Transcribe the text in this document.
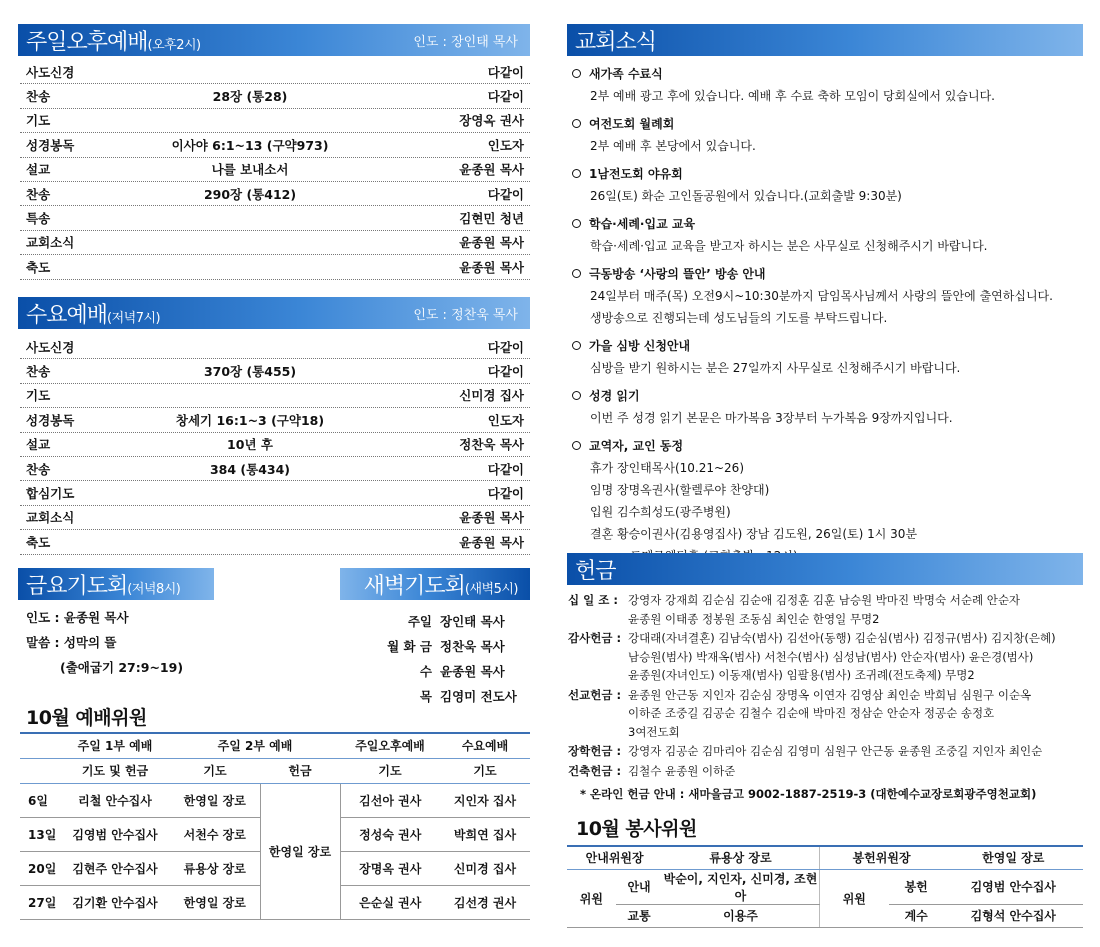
주일오후예배(오후2시)	인도 : 장인태 목사
사도신경	다같이
찬송	28장 (통28)	다같이
기도	장영옥 권사
성경봉독	이사야 6:1~13 (구약973)	인도자
설교	나를 보내소서	윤종원 목사
찬송	290장 (통412)	다같이
특송	김현민 청년
교회소식	윤종원 목사
축도	윤종원 목사
수요예배(저녁7시)	인도 : 정찬욱 목사
사도신경	다같이
찬송	370장 (통455)	다같이
기도	신미경 집사
성경봉독	창세기 16:1~3 (구약18)	인도자
설교	10년 후	정찬욱 목사
찬송	384 (통434)	다같이
합심기도	다같이
교회소식	윤종원 목사
축도	윤종원 목사
금요기도회(저녁8시)	새벽기도회(새벽5시)
인도 : 윤종원 목사
말씀 : 성막의 뜰
(출애굽기 27:9~19)
주일 장인태 목사
월 화 금 정찬욱 목사
수 윤종원 목사
목 김영미 전도사
10월 예배위원
	주일 1부 예배	주일 2부 예배		주일오후예배	수요예배
	기도 및 헌금	기도	헌금	기도	기도
6일	리철 안수집사	한영일 장로	한영일 장로	김선아 권사	지인자 집사
13일	김영범 안수집사	서천수 장로		정성숙 권사	박희연 집사
20일	김현주 안수집사	류용상 장로		장명옥 권사	신미경 집사
27일	김기환 안수집사	한영일 장로		은순실 권사	김선경 권사
교회소식
새가족 수료식
2부 예배 광고 후에 있습니다. 예배 후 수료 축하 모임이 당회실에서 있습니다.
여전도회 월례회
2부 예배 후 본당에서 있습니다.
1남전도회 야유회
26일(토) 화순 고인돌공원에서 있습니다.(교회출발 9:30분)
학습·세례·입교 교육
학습·세례·입교 교육을 받고자 하시는 분은 사무실로 신청해주시기 바랍니다.
극동방송 ‘사랑의 뜰안’ 방송 안내
24일부터 매주(목) 오전9시~10:30분까지 담임목사님께서 사랑의 뜰안에 출연하십니다.
생방송으로 진행되는데 성도님들의 기도를 부탁드립니다.
가을 심방 신청안내
심방을 받기 원하시는 분은 27일까지 사무실로 신청해주시기 바랍니다.
성경 읽기
이번 주 성경 읽기 본문은 마가복음 3장부터 누가복음 9장까지입니다.
교역자, 교인 동정
휴가 장인태목사(10.21~26)
임명 장명옥권사(할렐루야 찬양대)
입원 김수희성도(광주병원)
결혼 황승이권사(김용영집사) 장남 김도원, 26일(토) 1시 30분
헌금
십 일 조 : 강영자 강재희 김순심 김순애 김정훈 김훈 남승원 박마진 박명숙 서순례 안순자
윤종원 이태종 정봉원 조동심 최인순 한영일 무명2
감사헌금 : 강대래(자녀결혼) 김남숙(범사) 김선아(동행) 김순심(범사) 김정규(범사) 김지창(은혜)
남승원(범사) 박재옥(범사) 서천수(범사) 심성남(범사) 안순자(범사) 윤은경(범사)
윤종원(자녀인도) 이동재(범사) 임팔용(범사) 조귀례(전도축제) 무명2
선교헌금 : 윤종원 안근동 지인자 김순심 장명옥 이연자 김영삼 최인순 박희님 심원구 이순옥
이하준 조중길 김공순 김철수 김순애 박마진 정삼순 안순자 정공순 송정호
3여전도회
장학헌금 : 강영자 김공순 김마리아 김순심 김영미 심원구 안근동 윤종원 조중길 지인자 최인순
건축헌금 : 김철수 윤종원 이하준
* 온라인 헌금 안내 : 새마을금고 9002-1887-2519-3 (대한예수교장로회광주영천교회)
10월 봉사위원
안내위원장		류용상 장로	봉헌위원장		한영일 장로
위원	안내	박순이, 지인자, 신미경, 조현아	위원	봉헌	김영범 안수집사
	교통	이용주		계수	김형석 안수집사
